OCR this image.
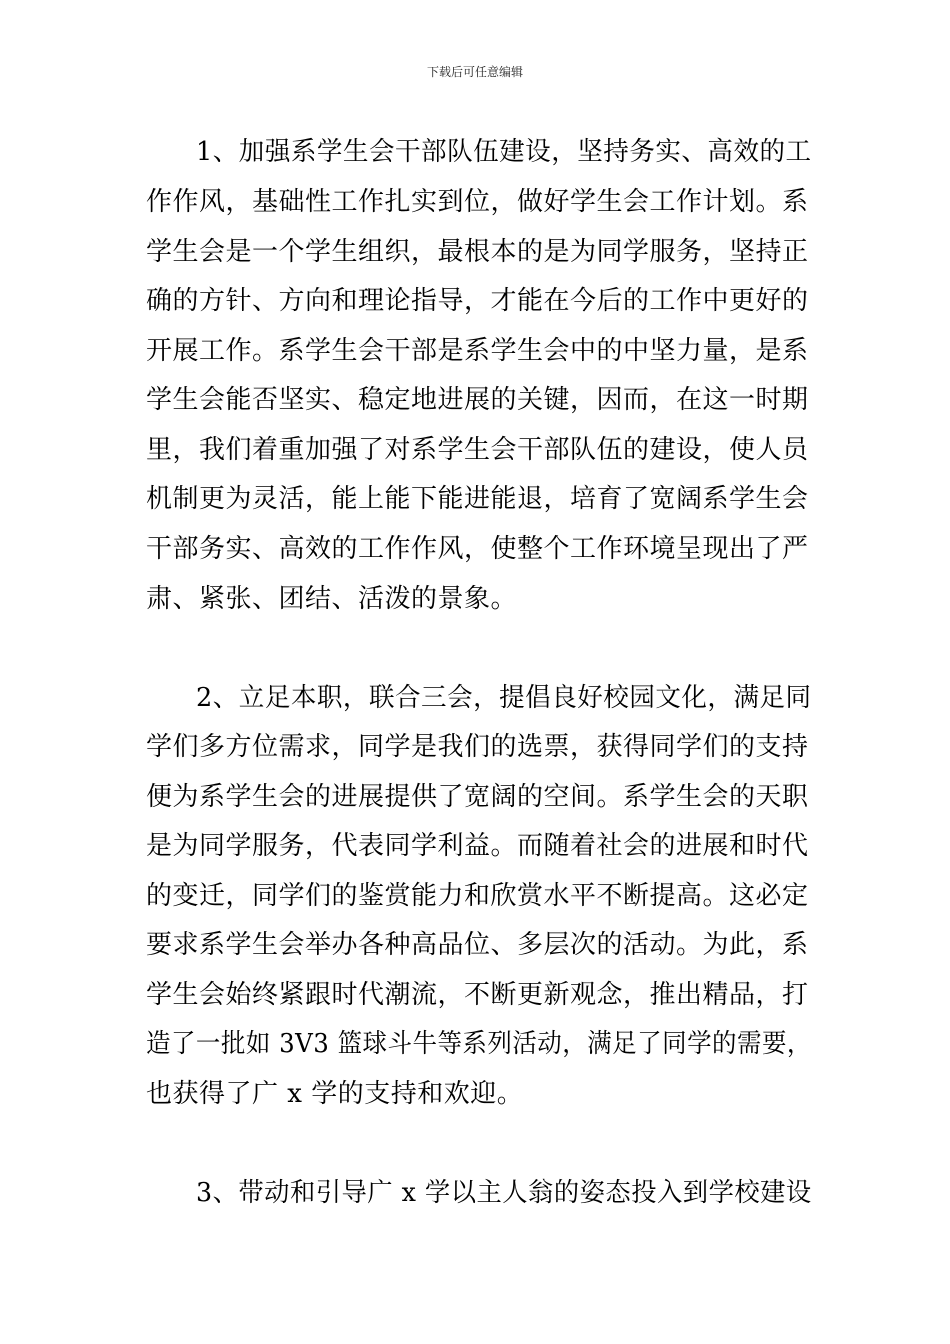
下载后可任意编辑
1、加强系学生会干部队伍建设，坚持务实、高效的工
作作风，基础性工作扎实到位，做好学生会工作计划。系
学生会是一个学生组织，最根本的是为同学服务，坚持正
确的方针、方向和理论指导，才能在今后的工作中更好的
开展工作。系学生会干部是系学生会中的中坚力量，是系
学生会能否坚实、稳定地进展的关键，因而，在这一时期
里，我们着重加强了对系学生会干部队伍的建设，使人员
机制更为灵活，能上能下能进能退，培育了宽阔系学生会
干部务实、高效的工作作风，使整个工作环境呈现出了严
肃、紧张、团结、活泼的景象。
2、立足本职，联合三会，提倡良好校园文化，满足同
学们多方位需求，同学是我们的选票，获得同学们的支持
便为系学生会的进展提供了宽阔的空间。系学生会的天职
是为同学服务，代表同学利益。而随着社会的进展和时代
的变迁，同学们的鉴赏能力和欣赏水平不断提高。这必定
要求系学生会举办各种高品位、多层次的活动。为此，系
学生会始终紧跟时代潮流，不断更新观念，推出精品，打
造了一批如 3V3 篮球斗牛等系列活动，满足了同学的需要，
也获得了广 x 学的支持和欢迎。
3、带动和引导广 x 学以主人翁的姿态投入到学校建设
